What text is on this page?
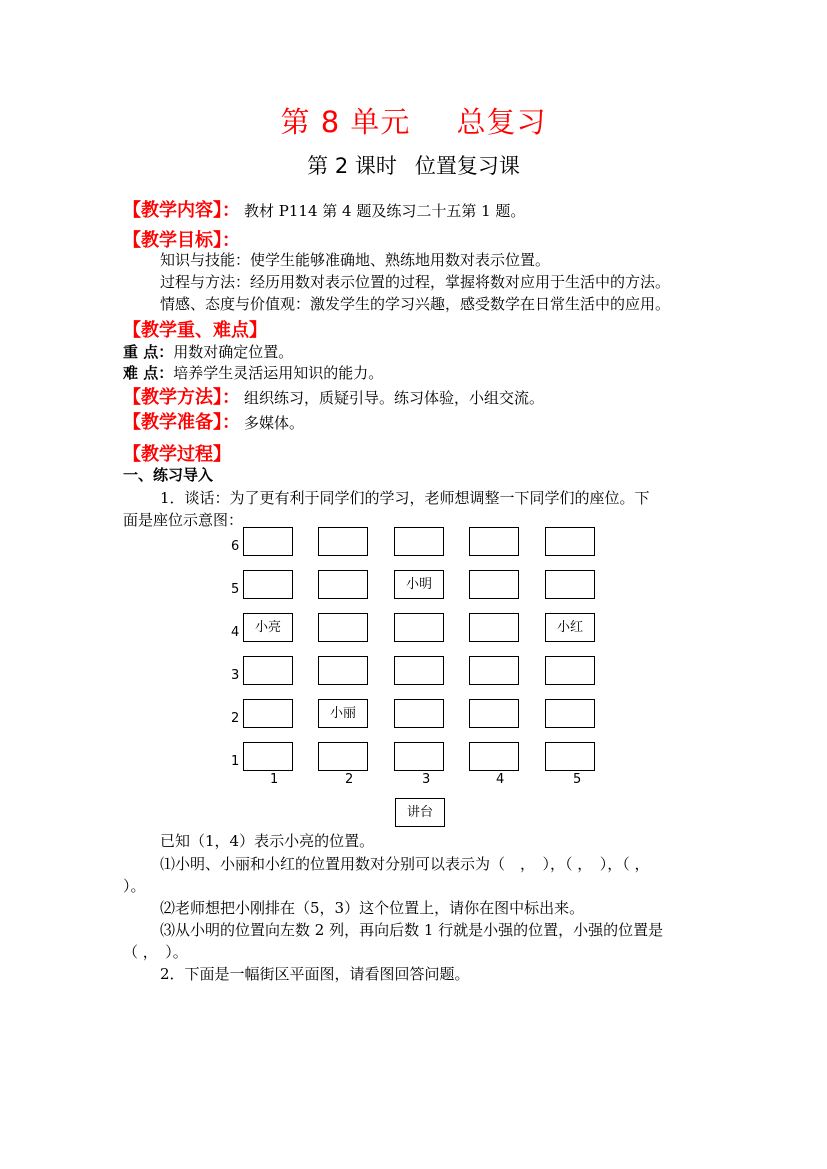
第 8 单元 总复习
第 2 课时 位置复习课
【教学内容】： 教材 P114 第 4 题及练习二十五第 1 题。
【教学目标】：
知识与技能：使学生能够准确地、熟练地用数对表示位置。
过程与方法：经历用数对表示位置的过程，掌握将数对应用于生活中的方法。
情感、态度与价值观：激发学生的学习兴趣，感受数学在日常生活中的应用。
【教学重、难点】
重 点：用数对确定位置。
难 点：培养学生灵活运用知识的能力。
【教学方法】： 组织练习，质疑引导。练习体验，小组交流。
【教学准备】： 多媒体。
【教学过程】
一、练习导入
1．谈话：为了更有利于同学们的学习，老师想调整一下同学们的座位。下
面是座位示意图：
6
5
4
3
2
1
小明
小亮	小红
小丽
1	2	3	4	5
讲台
已知（1，4）表示小亮的位置。
⑴小明、小丽和小红的位置用数对分别可以表示为（　，　），（ ，　），（ ，
）。
⑵老师想把小刚排在（5，3）这个位置上，请你在图中标出来。
⑶从小明的位置向左数 2 列，再向后数 1 行就是小强的位置，小强的位置是
（ ，　）。
2．下面是一幅街区平面图，请看图回答问题。
